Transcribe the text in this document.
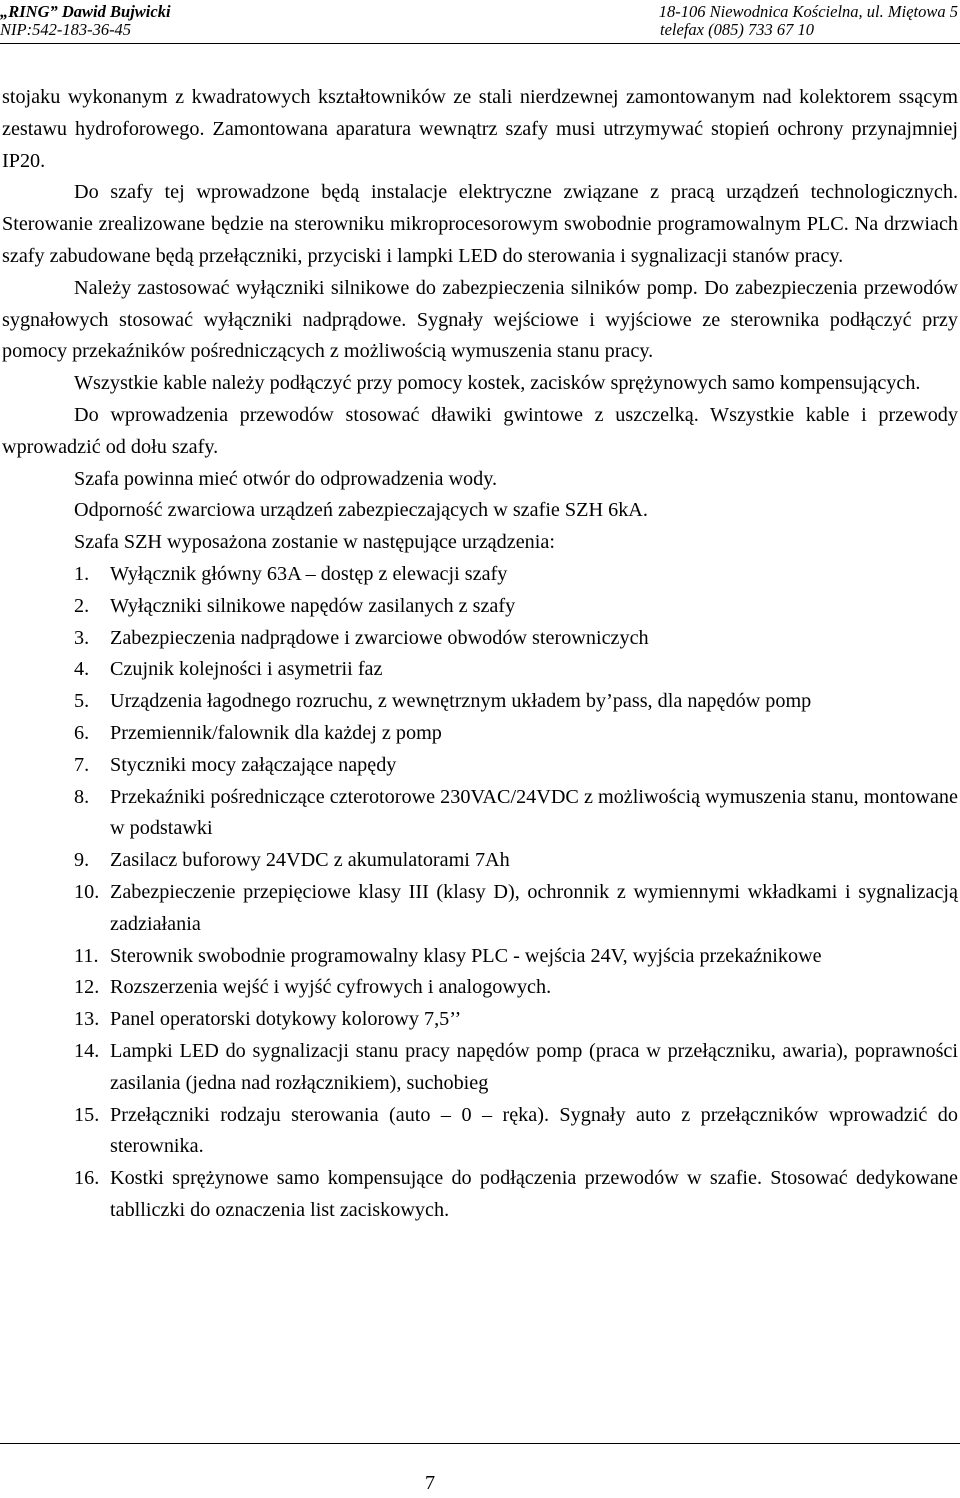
„RING” Dawid Bujwicki
NIP:542-183-36-45
18-106 Niewodnica Kościelna, ul. Miętowa 5
telefax (085) 733 67 10

stojaku wykonanym z kwadratowych kształtowników ze stali nierdzewnej zamontowanym nad kolektorem ssącym zestawu hydroforowego. Zamontowana aparatura wewnątrz szafy musi utrzymywać stopień ochrony przynajmniej IP20.

Do szafy tej wprowadzone będą instalacje elektryczne związane z pracą urządzeń technologicznych. Sterowanie zrealizowane będzie na sterowniku mikroprocesorowym swobodnie programowalnym PLC. Na drzwiach szafy zabudowane będą przełączniki, przyciski i lampki LED do sterowania i sygnalizacji stanów pracy.

Należy zastosować wyłączniki silnikowe do zabezpieczenia silników pomp. Do zabezpieczenia przewodów sygnałowych stosować wyłączniki nadprądowe. Sygnały wejściowe i wyjściowe ze sterownika podłączyć przy pomocy przekaźników pośredniczących z możliwością wymuszenia stanu pracy.

Wszystkie kable należy podłączyć przy pomocy kostek, zacisków sprężynowych samo kompensujących.

Do wprowadzenia przewodów stosować dławiki gwintowe z uszczelką. Wszystkie kable i przewody wprowadzić od dołu szafy.

Szafa powinna mieć otwór do odprowadzenia wody.

Odporność zwarciowa urządzeń zabezpieczających w szafie SZH 6kA.

Szafa SZH wyposażona zostanie w następujące urządzenia:

1. Wyłącznik główny 63A – dostęp z elewacji szafy
2. Wyłączniki silnikowe napędów zasilanych z szafy
3. Zabezpieczenia nadprądowe i zwarciowe obwodów sterowniczych
4. Czujnik kolejności i asymetrii faz
5. Urządzenia łagodnego rozruchu, z wewnętrznym układem by’pass, dla napędów pomp
6. Przemiennik/falownik dla każdej z pomp
7. Styczniki mocy załączające napędy
8. Przekaźniki pośredniczące czterotorowe 230VAC/24VDC z możliwością wymuszenia stanu, montowane w podstawki
9. Zasilacz buforowy 24VDC z akumulatorami 7Ah
10. Zabezpieczenie przepięciowe klasy III (klasy D), ochronnik z wymiennymi wkładkami i sygnalizacją zadziałania
11. Sterownik swobodnie programowalny klasy PLC - wejścia 24V, wyjścia przekaźnikowe
12. Rozszerzenia wejść i wyjść cyfrowych i analogowych.
13. Panel operatorski dotykowy kolorowy 7,5’’
14. Lampki LED do sygnalizacji stanu pracy napędów pomp (praca w przełączniku, awaria), poprawności zasilania (jedna nad rozłącznikiem), suchobieg
15. Przełączniki rodzaju sterowania (auto – 0 – ręka). Sygnały auto z przełączników wprowadzić do sterownika.
16. Kostki sprężynowe samo kompensujące do podłączenia przewodów w szafie. Stosować dedykowane tablliczki do oznaczenia list zaciskowych.
7
